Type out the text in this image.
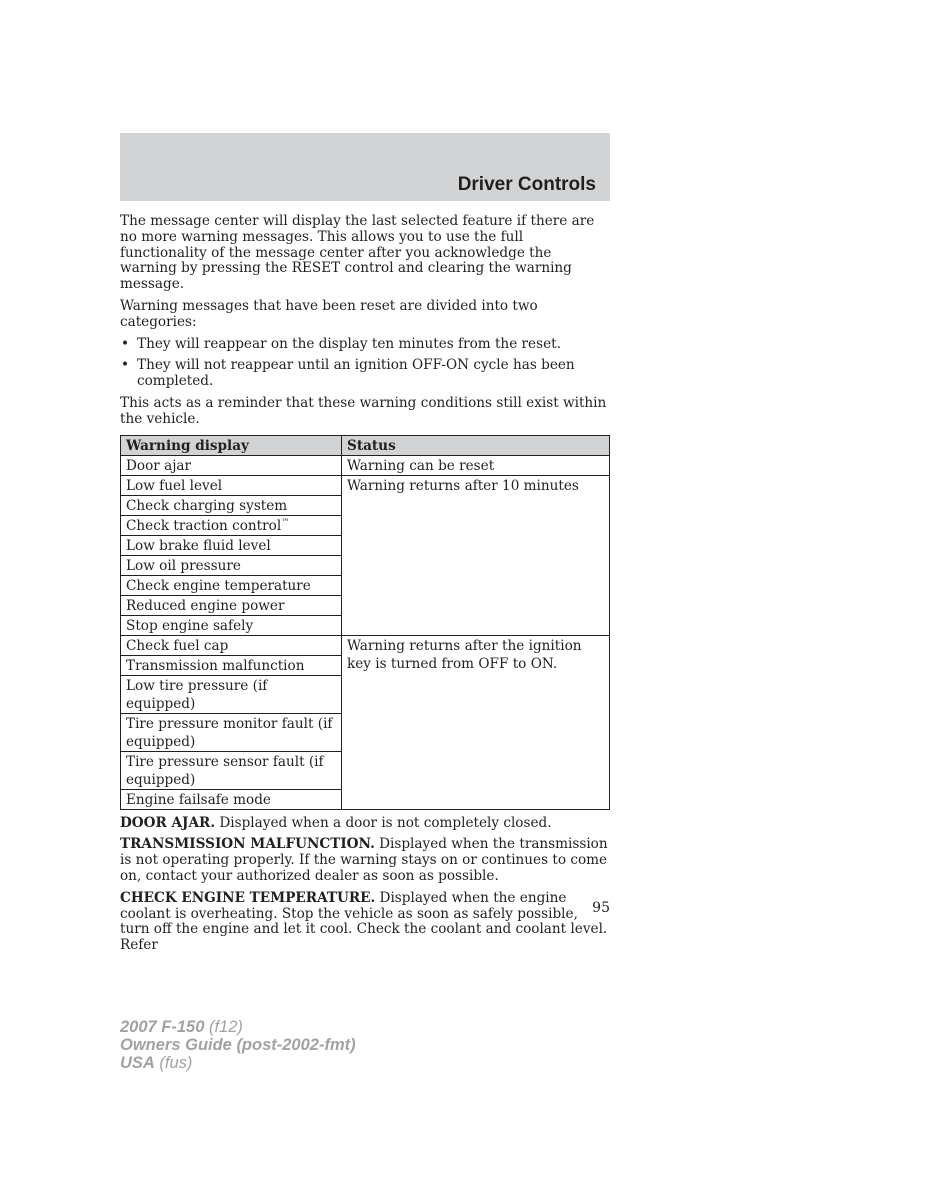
Driver Controls

The message center will display the last selected feature if there are no more warning messages. This allows you to use the full functionality of the message center after you acknowledge the warning by pressing the RESET control and clearing the warning message.

Warning messages that have been reset are divided into two categories:

• They will reappear on the display ten minutes from the reset.
• They will not reappear until an ignition OFF-ON cycle has been completed.

This acts as a reminder that these warning conditions still exist within the vehicle.

Warning display	Status
Door ajar	Warning can be reset
Low fuel level	Warning returns after 10 minutes
Check charging system	
Check traction control™
Low brake fluid level	
Low oil pressure	
Check engine temperature	
Reduced engine power	
Stop engine safely	
Check fuel cap	Warning returns after the ignition key is turned from OFF to ON.
Transmission malfunction	
Low tire pressure (if equipped)	
Tire pressure monitor fault (if equipped)	
Tire pressure sensor fault (if equipped)	
Engine failsafe mode	

DOOR AJAR. Displayed when a door is not completely closed.

TRANSMISSION MALFUNCTION. Displayed when the transmission is not operating properly. If the warning stays on or continues to come on, contact your authorized dealer as soon as possible.

CHECK ENGINE TEMPERATURE. Displayed when the engine coolant is overheating. Stop the vehicle as soon as safely possible, turn off the engine and let it cool. Check the coolant and coolant level. Refer

95
2007 F-150 (f12)
Owners Guide (post-2002-fmt)
USA (fus)
